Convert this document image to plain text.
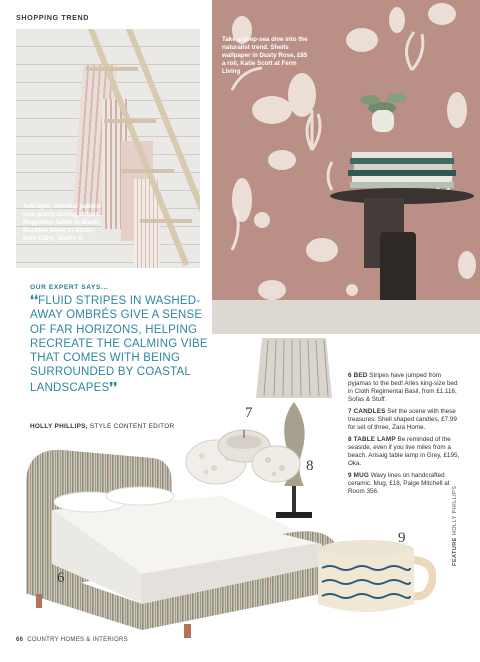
SHOPPING TREND
Add light, informal pattern with jaunty ticking stripes. Mappleton fabric in Blush; Buckton fabric in Blush, both £19m, Studio G
Take a deep-sea dive into the naturalist trend. Shells wallpaper in Dusty Rose, £85 a roll, Katie Scott at Ferm Living
OUR EXPERT SAYS...
❛❛FLUID STRIPES IN WASHED-AWAY OMBRÉS GIVE A SENSE OF FAR HORIZONS, HELPING RECREATE THE CALMING VIBE THAT COMES WITH BEING SURROUNDED BY COASTAL LANDSCAPES❜❜
HOLLY PHILLIPS, STYLE CONTENT EDITOR
8
7

6 BED Stripes have jumped from pyjamas to the bed! Arles king-size bed in Cloth Regimental Basil, from £1,116, Sofas & Stuff.

7 CANDLES Set the scene with these treasures. Shell shaped candles, £7.99 for set of three, Zara Home.

8 TABLE LAMP Be reminded of the seaside, even if you live miles from a beach. Arisaig table lamp in Grey, £195, Oka.

9 MUG Wavy lines on handcrafted ceramic. Mug, £18, Paige Mitchell at Room 356.

6
9	FEATURE HOLLY PHILLIPS
66 COUNTRY HOMES & INTERIORS
